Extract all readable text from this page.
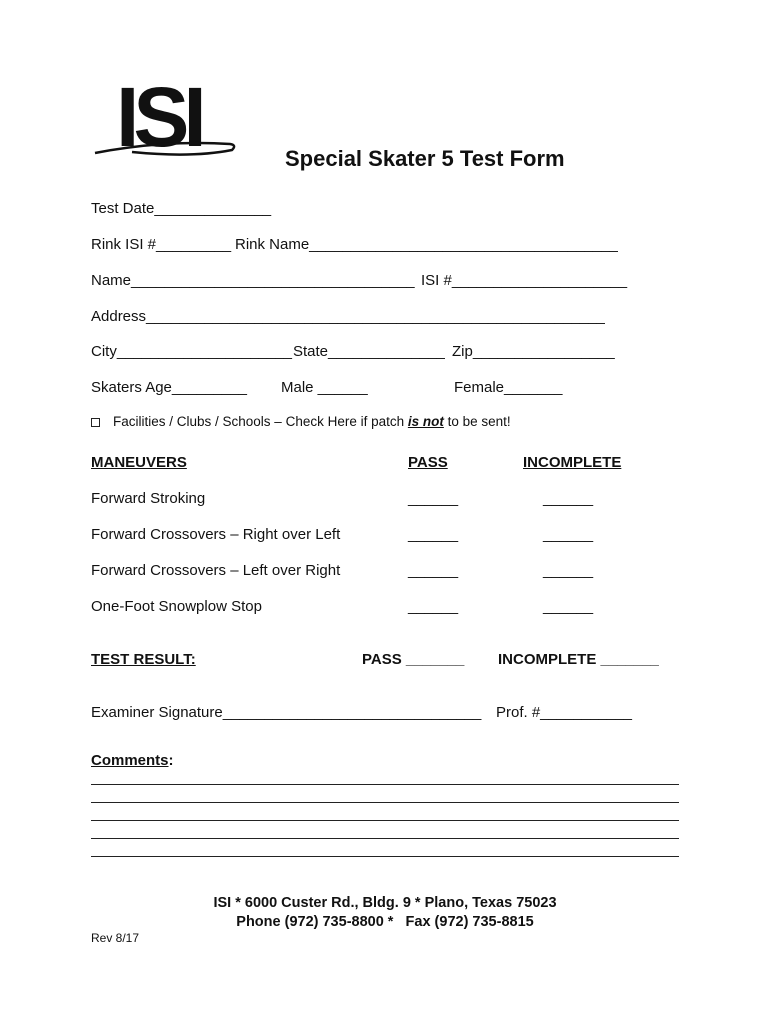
ISI	Special Skater 5 Test Form
Test Date______________
Rink ISI #_________ Rink Name_____________________________________
Name__________________________________ ISI #_____________________
Address_______________________________________________________
City_____________________ State______________ Zip_________________
Skaters Age_________ Male ______	Female_______
Facilities / Clubs / Schools – Check Here if patch is not to be sent!
MANEUVERS	PASS	INCOMPLETE
Forward Stroking	______	______
Forward Crossovers – Right over Left	______	______
Forward Crossovers – Left over Right	______	______
One-Foot Snowplow Stop	______	______
TEST RESULT:	PASS _______ INCOMPLETE _______
Examiner Signature_______________________________ Prof. #___________
Comments:
ISI * 6000 Custer Rd., Bldg. 9 * Plano, Texas 75023
Phone (972) 735-8800 *   Fax (972) 735-8815
Rev 8/17
